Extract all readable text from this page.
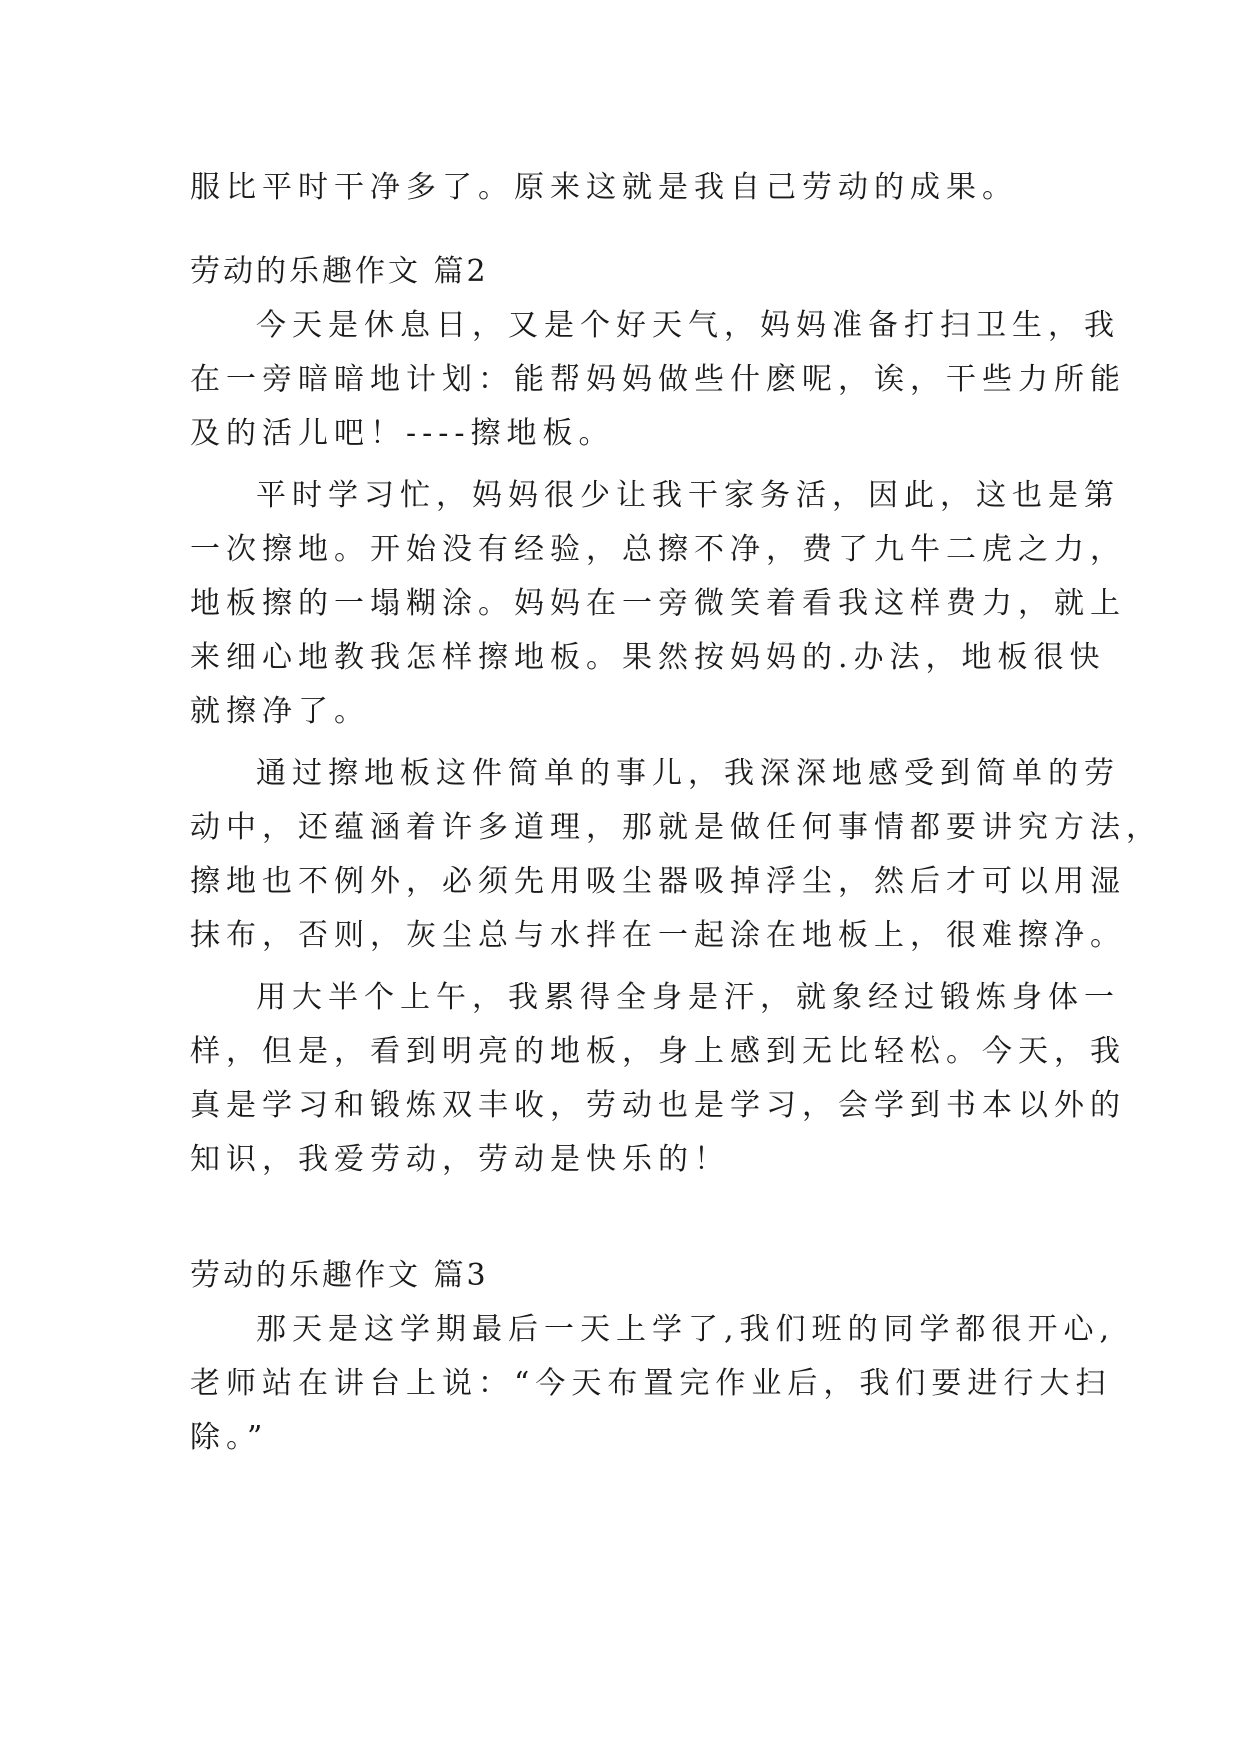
服比平时干净多了。原来这就是我自己劳动的成果。
劳动的乐趣作文 篇2
今天是休息日，又是个好天气，妈妈准备打扫卫生，我
在一旁暗暗地计划：能帮妈妈做些什麽呢，诶，干些力所能
及的活儿吧！----擦地板。
平时学习忙，妈妈很少让我干家务活，因此，这也是第
一次擦地。开始没有经验，总擦不净，费了九牛二虎之力，
地板擦的一塌糊涂。妈妈在一旁微笑着看我这样费力，就上
来细心地教我怎样擦地板。果然按妈妈的.办法，地板很快
就擦净了。
通过擦地板这件简单的事儿，我深深地感受到简单的劳
动中，还蕴涵着许多道理，那就是做任何事情都要讲究方法，
擦地也不例外，必须先用吸尘器吸掉浮尘，然后才可以用湿
抹布，否则，灰尘总与水拌在一起涂在地板上，很难擦净。
用大半个上午，我累得全身是汗，就象经过锻炼身体一
样，但是，看到明亮的地板，身上感到无比轻松。今天，我
真是学习和锻炼双丰收，劳动也是学习，会学到书本以外的
知识，我爱劳动，劳动是快乐的！
劳动的乐趣作文 篇3
那天是这学期最后一天上学了,我们班的同学都很开心,
老师站在讲台上说：“今天布置完作业后，我们要进行大扫
除。”
